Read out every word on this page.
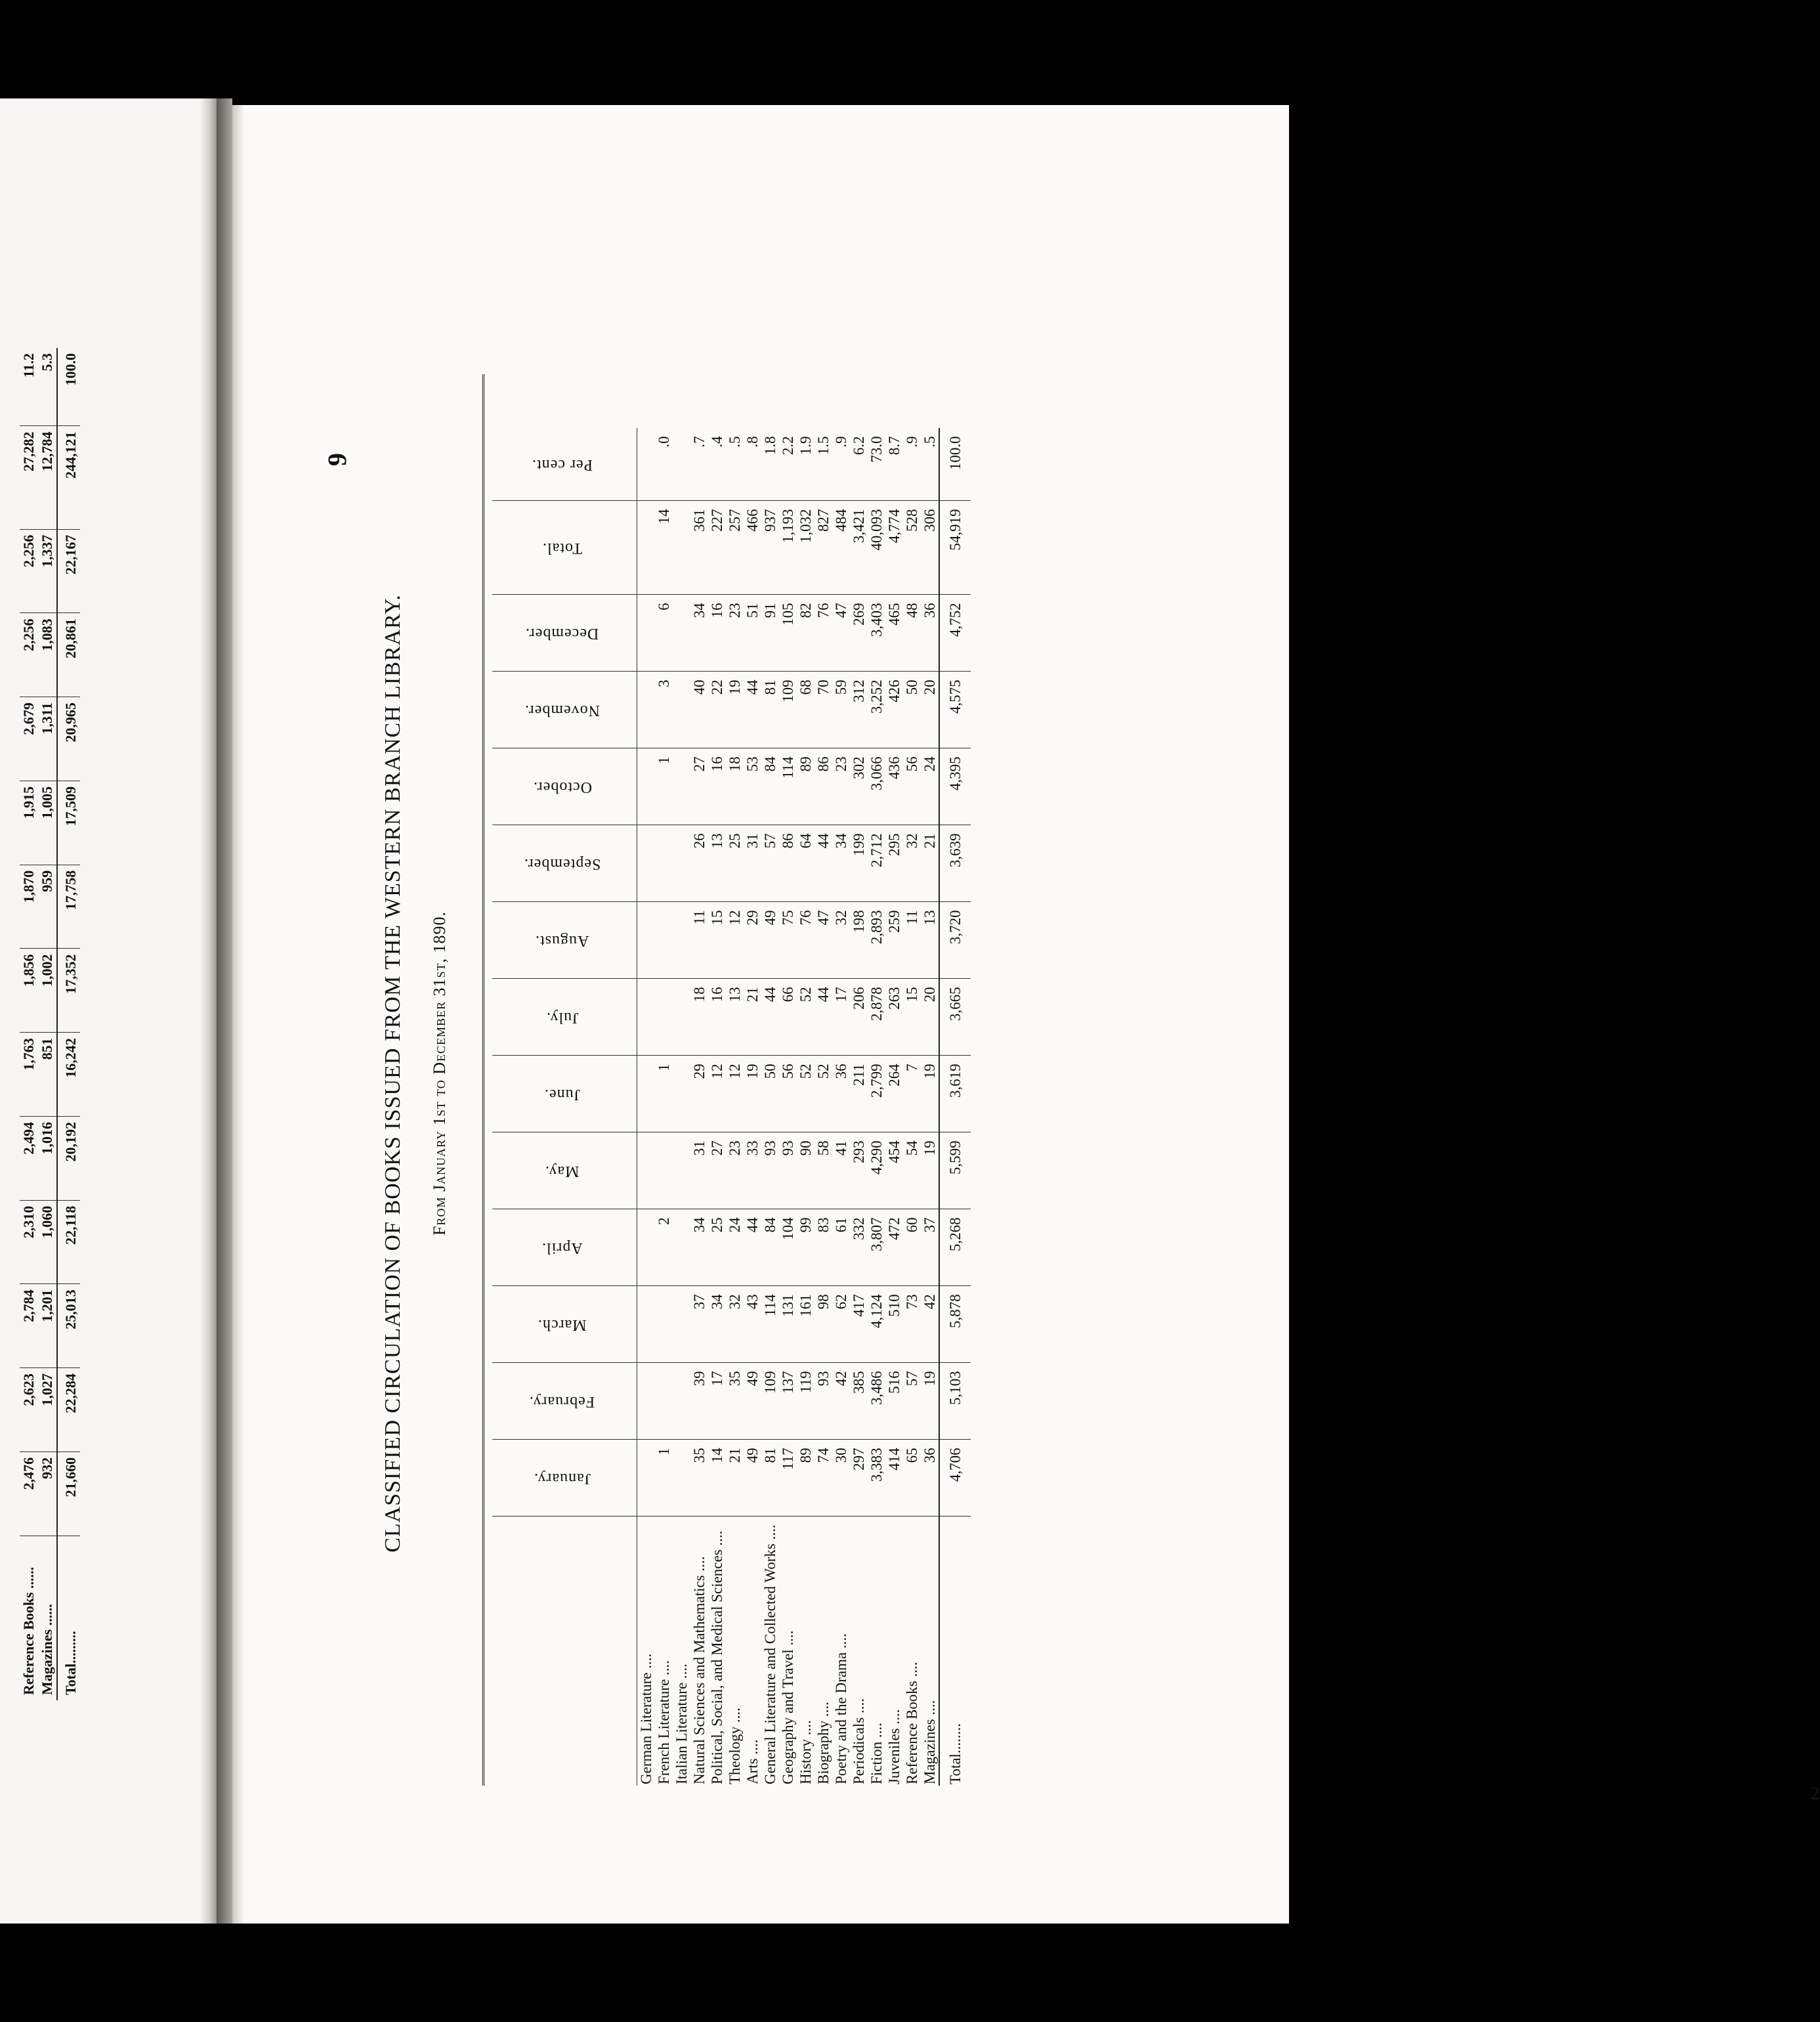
Reference Books ......	2,476	2,623	2,784	2,310	2,494	1,763	1,856	1,870	1,915	2,679	2,256	2,256	27,282	11.2
Magazines ......	932	1,027	1,201	1,060	1,016	851	1,002	959	1,005	1,311	1,083	1,337	12,784	5.3
Total.........	21,660	22,284	25,013	22,118	20,192	16,242	17,352	17,758	17,509	20,965	20,861	22,167	244,121	100.0
9
2
CLASSIFIED CIRCULATION OF BOOKS ISSUED FROM THE WESTERN BRANCH LIBRARY. From January 1st to December 31st, 1890.
	January.	February.	March.	April.	May.	June.	July.	August.	September.	October.	November.	December.	Total.	Per cent.
German Literature ....														
French Literature ....	1			2		1				1	3	6	14	.0
Italian Literature ....														
Natural Sciences and Mathematics ....	35	39	37	34	31	29	18	11	26	27	40	34	361	.7
Political, Social, and Medical Sciences ....	14	17	34	25	27	12	16	15	13	16	22	16	227	.4
Theology ....	21	35	32	24	23	12	13	12	25	18	19	23	257	.5
Arts ....	49	49	43	44	33	19	21	29	31	53	44	51	466	.8
General Literature and Collected Works ....	81	109	114	84	93	50	44	49	57	84	81	91	937	1.8
Geography and Travel ....	117	137	131	104	93	56	66	75	86	114	109	105	1,193	2.2
History ....	89	119	161	99	90	52	52	76	64	89	68	82	1,032	1.9
Biography ....	74	93	98	83	58	52	44	47	44	86	70	76	827	1.5
Poetry and the Drama ....	30	42	62	61	41	36	17	32	34	23	59	47	484	.9
Periodicals ....	297	385	417	332	293	211	206	198	199	302	312	269	3,421	6.2
Fiction ....	3,383	3,486	4,124	3,807	4,290	2,799	2,878	2,893	2,712	3,066	3,252	3,403	40,093	73.0
Juveniles ....	414	516	510	472	454	264	263	259	295	436	426	465	4,774	8.7
Reference Books ....	65	57	73	60	54	7	15	11	32	56	50	48	528	.9
Magazines ....	36	19	42	37	19	19	20	13	21	24	20	36	306	.5
Total........	4,706	5,103	5,878	5,268	5,599	3,619	3,665	3,720	3,639	4,395	4,575	4,752	54,919	100.0
